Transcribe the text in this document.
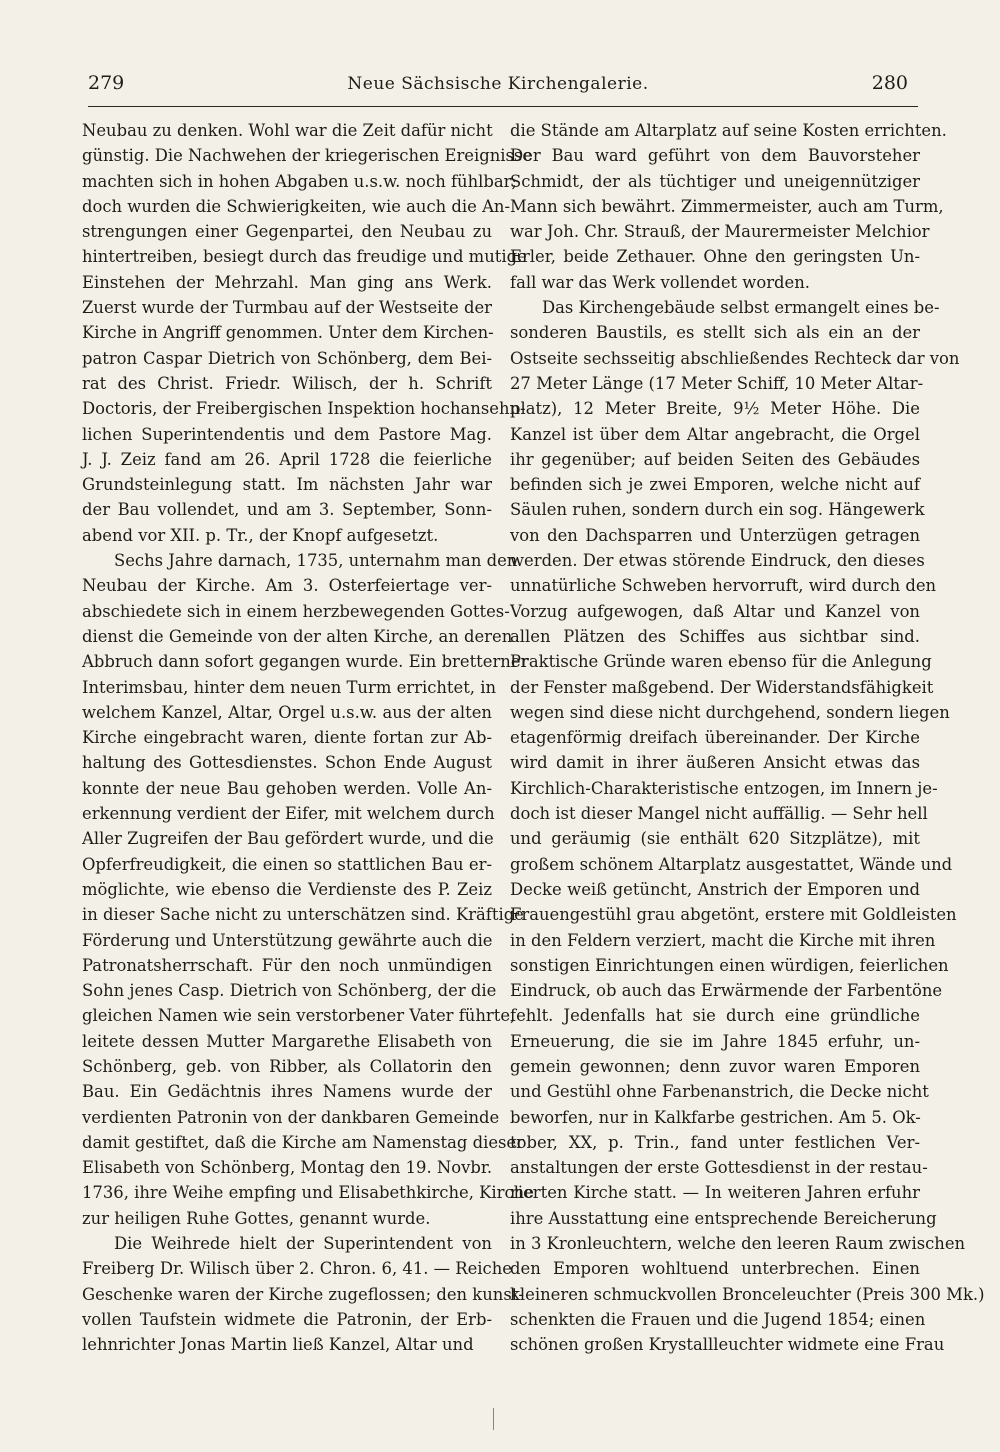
279	Neue Sächsische Kirchengalerie.	280
Neubau zu denken. Wohl war die Zeit dafür nicht
günstig. Die Nachwehen der kriegerischen Ereignisse
machten sich in hohen Abgaben u.s.w. noch fühlbar;
doch wurden die Schwierigkeiten, wie auch die An-
strengungen einer Gegenpartei, den Neubau zu
hintertreiben, besiegt durch das freudige und mutige
Einstehen der Mehrzahl. Man ging ans Werk.
Zuerst wurde der Turmbau auf der Westseite der
Kirche in Angriff genommen. Unter dem Kirchen-
patron Caspar Dietrich von Schönberg, dem Bei-
rat des Christ. Friedr. Wilisch, der h. Schrift
Doctoris, der Freibergischen Inspektion hochansehn-
lichen Superintendentis und dem Pastore Mag.
J. J. Zeiz fand am 26. April 1728 die feierliche
Grundsteinlegung statt. Im nächsten Jahr war
der Bau vollendet, und am 3. September, Sonn-
abend vor XII. p. Tr., der Knopf aufgesetzt.
Sechs Jahre darnach, 1735, unternahm man den
Neubau der Kirche. Am 3. Osterfeiertage ver-
abschiedete sich in einem herzbewegenden Gottes-
dienst die Gemeinde von der alten Kirche, an deren
Abbruch dann sofort gegangen wurde. Ein bretterner
Interimsbau, hinter dem neuen Turm errichtet, in
welchem Kanzel, Altar, Orgel u.s.w. aus der alten
Kirche eingebracht waren, diente fortan zur Ab-
haltung des Gottesdienstes. Schon Ende August
konnte der neue Bau gehoben werden. Volle An-
erkennung verdient der Eifer, mit welchem durch
Aller Zugreifen der Bau gefördert wurde, und die
Opferfreudigkeit, die einen so stattlichen Bau er-
möglichte, wie ebenso die Verdienste des P. Zeiz
in dieser Sache nicht zu unterschätzen sind. Kräftige
Förderung und Unterstützung gewährte auch die
Patronatsherrschaft. Für den noch unmündigen
Sohn jenes Casp. Dietrich von Schönberg, der die
gleichen Namen wie sein verstorbener Vater führte,
leitete dessen Mutter Margarethe Elisabeth von
Schönberg, geb. von Ribber, als Collatorin den
Bau. Ein Gedächtnis ihres Namens wurde der
verdienten Patronin von der dankbaren Gemeinde
damit gestiftet, daß die Kirche am Namenstag dieser
Elisabeth von Schönberg, Montag den 19. Novbr.
1736, ihre Weihe empfing und Elisabethkirche, Kirche
zur heiligen Ruhe Gottes, genannt wurde.
Die Weihrede hielt der Superintendent von
Freiberg Dr. Wilisch über 2. Chron. 6, 41. — Reiche
Geschenke waren der Kirche zugeflossen; den kunst-
vollen Taufstein widmete die Patronin, der Erb-
lehnrichter Jonas Martin ließ Kanzel, Altar und
die Stände am Altarplatz auf seine Kosten errichten.
Der Bau ward geführt von dem Bauvorsteher
Schmidt, der als tüchtiger und uneigennütziger
Mann sich bewährt. Zimmermeister, auch am Turm,
war Joh. Chr. Strauß, der Maurermeister Melchior
Erler, beide Zethauer. Ohne den geringsten Un-
fall war das Werk vollendet worden.
Das Kirchengebäude selbst ermangelt eines be-
sonderen Baustils, es stellt sich als ein an der
Ostseite sechsseitig abschließendes Rechteck dar von
27 Meter Länge (17 Meter Schiff, 10 Meter Altar-
platz), 12 Meter Breite, 9½ Meter Höhe. Die
Kanzel ist über dem Altar angebracht, die Orgel
ihr gegenüber; auf beiden Seiten des Gebäudes
befinden sich je zwei Emporen, welche nicht auf
Säulen ruhen, sondern durch ein sog. Hängewerk
von den Dachsparren und Unterzügen getragen
werden. Der etwas störende Eindruck, den dieses
unnatürliche Schweben hervorruft, wird durch den
Vorzug aufgewogen, daß Altar und Kanzel von
allen Plätzen des Schiffes aus sichtbar sind.
Praktische Gründe waren ebenso für die Anlegung
der Fenster maßgebend. Der Widerstandsfähigkeit
wegen sind diese nicht durchgehend, sondern liegen
etagenförmig dreifach übereinander. Der Kirche
wird damit in ihrer äußeren Ansicht etwas das
Kirchlich-Charakteristische entzogen, im Innern je-
doch ist dieser Mangel nicht auffällig. — Sehr hell
und geräumig (sie enthält 620 Sitzplätze), mit
großem schönem Altarplatz ausgestattet, Wände und
Decke weiß getüncht, Anstrich der Emporen und
Frauengestühl grau abgetönt, erstere mit Goldleisten
in den Feldern verziert, macht die Kirche mit ihren
sonstigen Einrichtungen einen würdigen, feierlichen
Eindruck, ob auch das Erwärmende der Farbentöne
fehlt. Jedenfalls hat sie durch eine gründliche
Erneuerung, die sie im Jahre 1845 erfuhr, un-
gemein gewonnen; denn zuvor waren Emporen
und Gestühl ohne Farbenanstrich, die Decke nicht
beworfen, nur in Kalkfarbe gestrichen. Am 5. Ok-
tober, XX, p. Trin., fand unter festlichen Ver-
anstaltungen der erste Gottesdienst in der restau-
rierten Kirche statt. — In weiteren Jahren erfuhr
ihre Ausstattung eine entsprechende Bereicherung
in 3 Kronleuchtern, welche den leeren Raum zwischen
den Emporen wohltuend unterbrechen. Einen
kleineren schmuckvollen Bronceleuchter (Preis 300 Mk.)
schenkten die Frauen und die Jugend 1854; einen
schönen großen Krystallleuchter widmete eine Frau
